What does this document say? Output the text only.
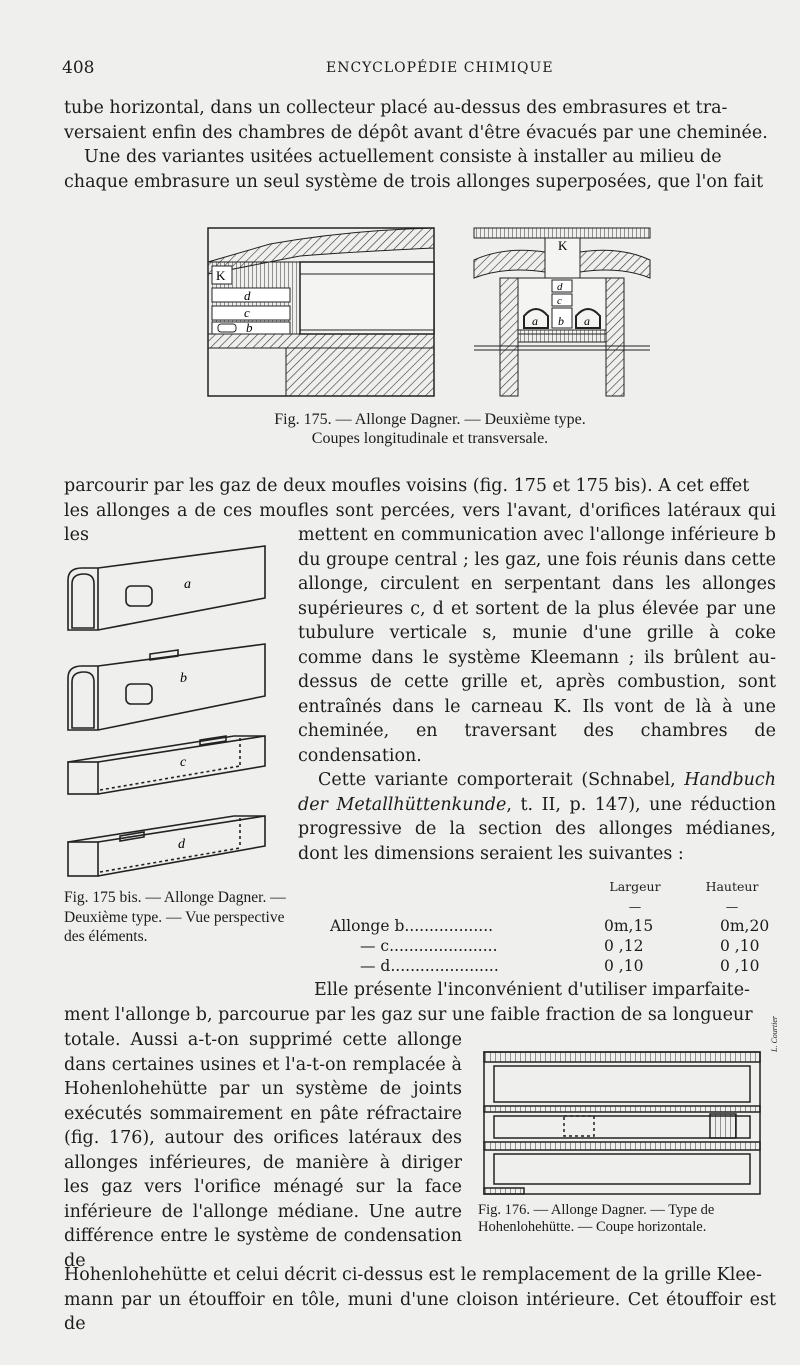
408	ENCYCLOPÉDIE CHIMIQUE

tube horizontal, dans un collecteur placé au-dessus des embrasures et tra-

versaient enfin des chambres de dépôt avant d'être évacués par une cheminée.

Une des variantes usitées actuellement consiste à installer au milieu de

chaque embrasure un seul système de trois allonges superposées, que l'on fait

K
d
c
b
K
d
c
a b a
Fig. 175. — Allonge Dagner. — Deuxième type.
Coupes longitudinale et transversale.

parcourir par les gaz de deux moufles voisins (fig. 175 et 175 bis). A cet effet

les allonges a de ces moufles sont percées, vers l'avant, d'orifices latéraux qui les

a
b
c
d
Fig. 175 bis. — Allonge Dagner. — Deuxième type. — Vue perspective des éléments.
mettent en communication avec l'allonge inférieure b du groupe central ; les gaz, une fois réunis dans cette allonge, circulent en serpentant dans les allonges supérieures c, d et sortent de la plus élevée par une tubulure verticale s, munie d'une grille à coke comme dans le système Kleemann ; ils brûlent au-dessus de cette grille et, après combustion, sont entraînés dans le carneau K. Ils vont de là à une cheminée, en traversant des chambres de condensation.
Cette variante comporterait (Schnabel, Handbuch der Metallhüttenkunde, t. II, p. 147), une réduction progressive de la section des allonges médianes, dont les dimensions seraient les suivantes :
	Largeur	Hauteur
	—	—
Allonge b..................	0m,15	0m,20
— c......................	0 ,12	0 ,10
— d......................	0 ,10	0 ,10
Elle présente l'inconvénient d'utiliser imparfaite-
ment l'allonge b, parcourue par les gaz sur une faible fraction de sa longueur
totale. Aussi a-t-on supprimé cette allonge dans certaines usines et l'a-t-on remplacée à Hohenlohehütte par un système de joints exécutés sommairement en pâte réfractaire (fig. 176), autour des orifices latéraux des allonges inférieures, de manière à diriger les gaz vers l'orifice ménagé sur la face inférieure de l'allonge médiane. Une autre différence entre le système de condensation de
L. Courtier
Fig. 176. — Allonge Dagner. — Type de Hohenlohehütte. — Coupe horizontale.

Hohenlohehütte et celui décrit ci-dessus est le remplacement de la grille Klee-

mann par un étouffoir en tôle, muni d'une cloison intérieure. Cet étouffoir est de
